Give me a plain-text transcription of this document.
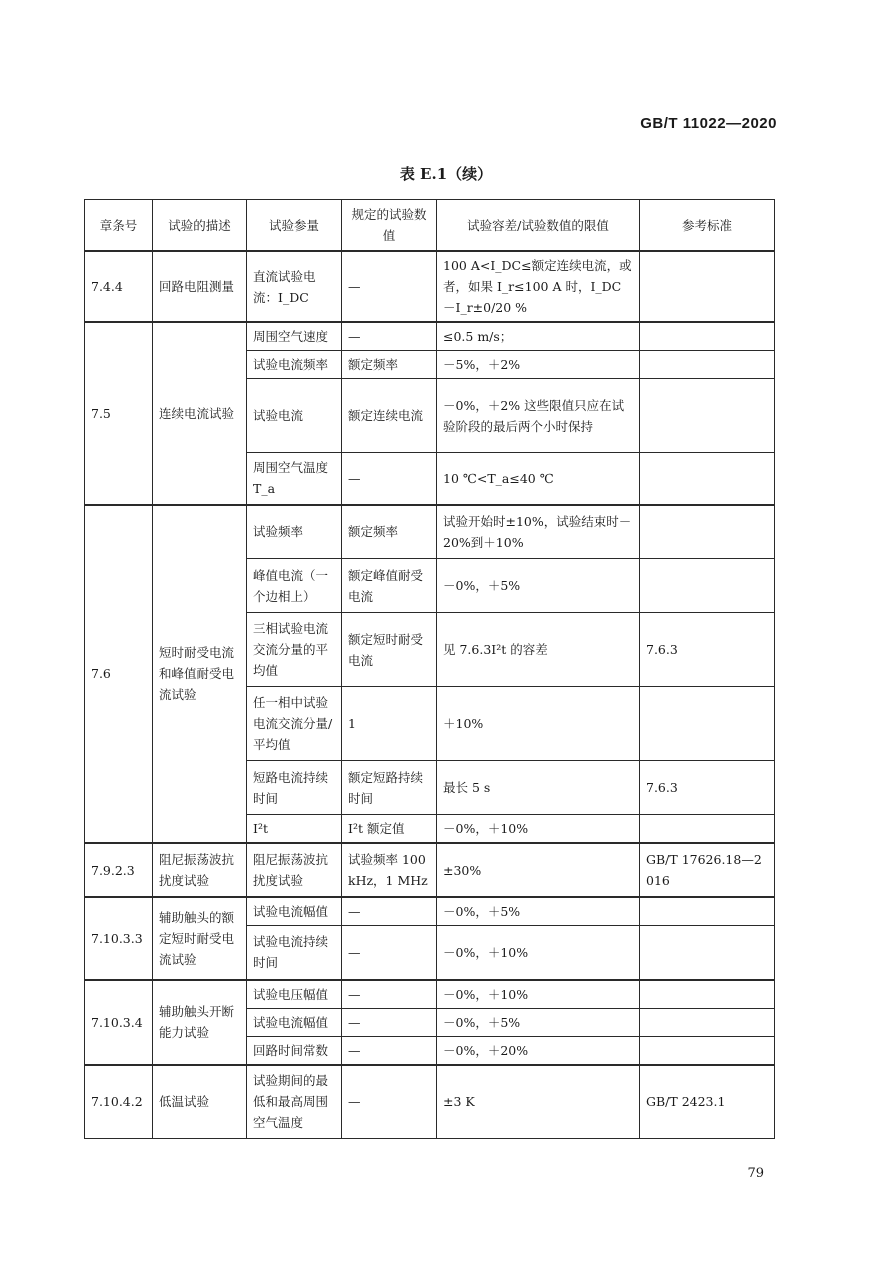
GB/T 11022—2020
表 E.1（续）
章条号	试验的描述	试验参量	规定的试验数值	试验容差/试验数值的限值	参考标准
7.4.4	回路电阻测量	直流试验电流：I_DC	—	100 A<I_DC≤额定连续电流，或者，如果 I_r≤100 A 时，I_DC－I_r±0/20 %	
7.5	连续电流试验	周围空气速度	—	≤0.5 m/s；	
		试验电流频率	额定频率	－5%，＋2%	
		试验电流	额定连续电流	－0%，＋2% 这些限值只应在试验阶段的最后两个小时保持	
		周围空气温度 T_a	—	10 ℃<T_a≤40 ℃	
7.6	短时耐受电流和峰值耐受电流试验	试验频率	额定频率	试验开始时±10%，试验结束时－20%到＋10%	
		峰值电流（一个边相上）	额定峰值耐受电流	－0%，＋5%	
		三相试验电流交流分量的平均值	额定短时耐受电流	见 7.6.3I²t 的容差	7.6.3
		任一相中试验电流交流分量/平均值	1	＋10%	
		短路电流持续时间	额定短路持续时间	最长 5 s	7.6.3
		I²t	I²t 额定值	－0%，＋10%	
7.9.2.3	阻尼振荡波抗扰度试验	阻尼振荡波抗扰度试验	试验频率 100 kHz，1 MHz	±30%	GB/T 17626.18—2016
7.10.3.3	辅助触头的额定短时耐受电流试验	试验电流幅值	—	－0%，＋5%	
		试验电流持续时间	—	－0%，＋10%	
7.10.3.4	辅助触头开断能力试验	试验电压幅值	—	－0%，＋10%	
		试验电流幅值	—	－0%，＋5%	
		回路时间常数	—	－0%，＋20%	
7.10.4.2	低温试验	试验期间的最低和最高周围空气温度	—	±3 K	GB/T 2423.1
79
